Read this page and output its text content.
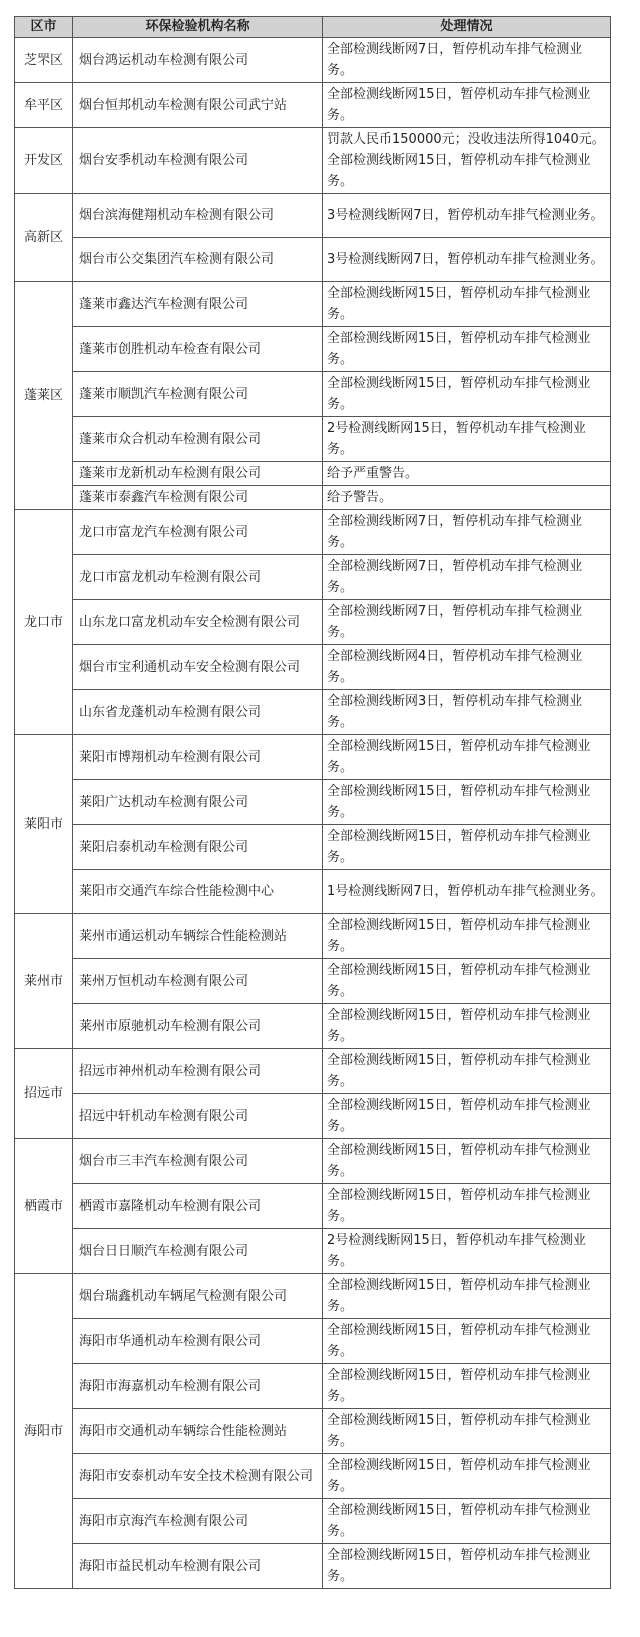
区市	环保检验机构名称	处理情况
芝罘区	烟台鸿运机动车检测有限公司	全部检测线断网7日，暂停机动车排气检测业务。
牟平区	烟台恒邦机动车检测有限公司武宁站	全部检测线断网15日，暂停机动车排气检测业务。
开发区	烟台安季机动车检测有限公司	罚款人民币150000元；没收违法所得1040元。全部检测线断网15日，暂停机动车排气检测业务。
高新区	烟台滨海健翔机动车检测有限公司	3号检测线断网7日，暂停机动车排气检测业务。
	烟台市公交集团汽车检测有限公司	3号检测线断网7日，暂停机动车排气检测业务。
蓬莱区	蓬莱市鑫达汽车检测有限公司	全部检测线断网15日，暂停机动车排气检测业务。
	蓬莱市创胜机动车检查有限公司	全部检测线断网15日，暂停机动车排气检测业务。
	蓬莱市顺凯汽车检测有限公司	全部检测线断网15日，暂停机动车排气检测业务。
	蓬莱市众合机动车检测有限公司	2号检测线断网15日，暂停机动车排气检测业务。
	蓬莱市龙新机动车检测有限公司	给予严重警告。
	蓬莱市泰鑫汽车检测有限公司	给予警告。
龙口市	龙口市富龙汽车检测有限公司	全部检测线断网7日，暂停机动车排气检测业务。
	龙口市富龙机动车检测有限公司	全部检测线断网7日，暂停机动车排气检测业务。
	山东龙口富龙机动车安全检测有限公司	全部检测线断网7日，暂停机动车排气检测业务。
	烟台市宝利通机动车安全检测有限公司	全部检测线断网4日，暂停机动车排气检测业务。
	山东省龙蓬机动车检测有限公司	全部检测线断网3日，暂停机动车排气检测业务。
莱阳市	莱阳市博翔机动车检测有限公司	全部检测线断网15日，暂停机动车排气检测业务。
	莱阳广达机动车检测有限公司	全部检测线断网15日，暂停机动车排气检测业务。
	莱阳启泰机动车检测有限公司	全部检测线断网15日，暂停机动车排气检测业务。
	莱阳市交通汽车综合性能检测中心	1号检测线断网7日，暂停机动车排气检测业务。
莱州市	莱州市通运机动车辆综合性能检测站	全部检测线断网15日，暂停机动车排气检测业务。
	莱州万恒机动车检测有限公司	全部检测线断网15日，暂停机动车排气检测业务。
	莱州市原驰机动车检测有限公司	全部检测线断网15日，暂停机动车排气检测业务。
招远市	招远市神州机动车检测有限公司	全部检测线断网15日，暂停机动车排气检测业务。
	招远中轩机动车检测有限公司	全部检测线断网15日，暂停机动车排气检测业务。
栖霞市	烟台市三丰汽车检测有限公司	全部检测线断网15日，暂停机动车排气检测业务。
	栖霞市嘉隆机动车检测有限公司	全部检测线断网15日，暂停机动车排气检测业务。
	烟台日日顺汽车检测有限公司	2号检测线断网15日，暂停机动车排气检测业务。
海阳市	烟台瑞鑫机动车辆尾气检测有限公司	全部检测线断网15日，暂停机动车排气检测业务。
	海阳市华通机动车检测有限公司	全部检测线断网15日，暂停机动车排气检测业务。
	海阳市海嘉机动车检测有限公司	全部检测线断网15日，暂停机动车排气检测业务。
	海阳市交通机动车辆综合性能检测站	全部检测线断网15日，暂停机动车排气检测业务。
	海阳市安泰机动车安全技术检测有限公司	全部检测线断网15日，暂停机动车排气检测业务。
	海阳市京海汽车检测有限公司	全部检测线断网15日，暂停机动车排气检测业务。
	海阳市益民机动车检测有限公司	全部检测线断网15日，暂停机动车排气检测业务。
